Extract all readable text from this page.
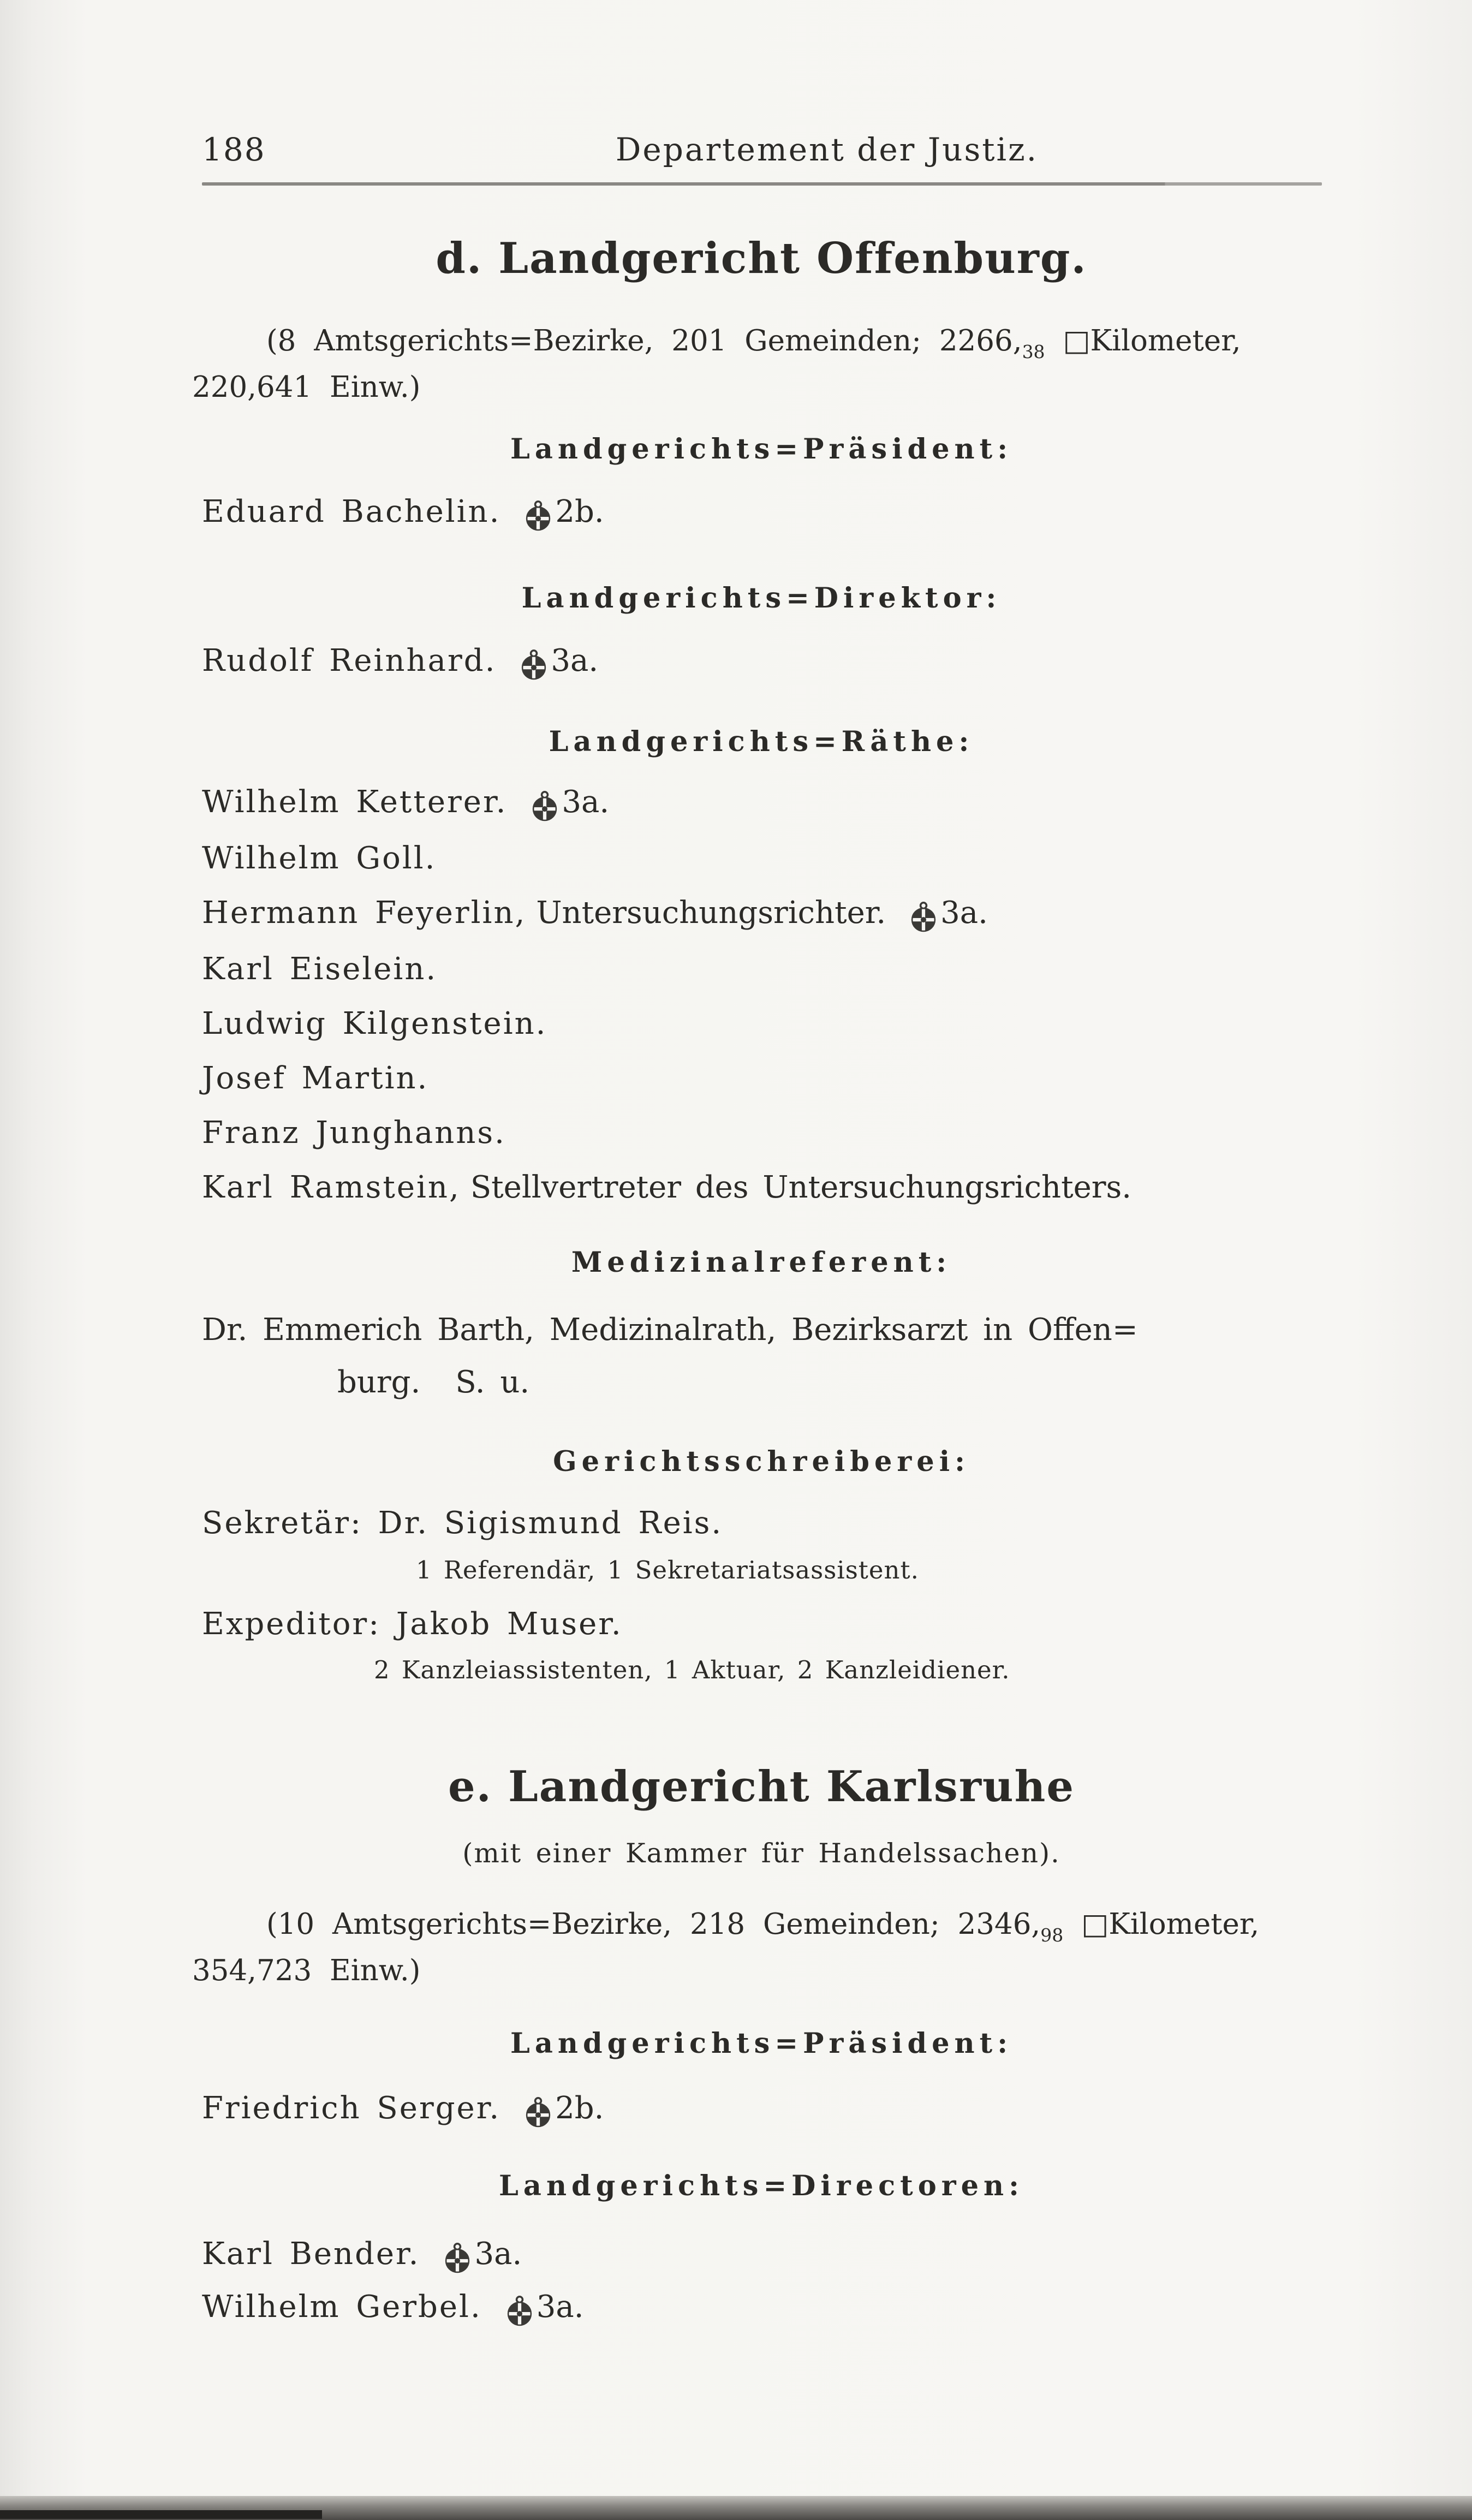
188	Departement der Justiz.
d. Landgericht Offenburg.
(8 Amtsgerichts=Bezirke, 201 Gemeinden; $2266,_{38}$ □Kilometer,
220,641 Einw.)
Landgerichts=Präsident:
Eduard Bachelin. 2b.
Landgerichts=Direktor:
Rudolf Reinhard. 3a.
Landgerichts=Räthe:
Wilhelm Ketterer. 3a.
Wilhelm Goll.
Hermann Feyerlin, Untersuchungsrichter. 3a.
Karl Eiselein.
Ludwig Kilgenstein.
Josef Martin.
Franz Junghanns.
Karl Ramstein, Stellvertreter des Untersuchungsrichters.
Medizinalreferent:
Dr. Emmerich Barth, Medizinalrath, Bezirksarzt in Offen=
burg. S. u.
Gerichtsschreiberei:
Sekretär: Dr. Sigismund Reis.
1 Referendär, 1 Sekretariatsassistent.
Expeditor: Jakob Muser.
2 Kanzleiassistenten, 1 Aktuar, 2 Kanzleidiener.
e. Landgericht Karlsruhe
(mit einer Kammer für Handelssachen).
(10 Amtsgerichts=Bezirke, 218 Gemeinden; $2346,_{98}$ □Kilometer,
354,723 Einw.)
Landgerichts=Präsident:
Friedrich Serger. 2b.
Landgerichts=Directoren:
Karl Bender. 3a.
Wilhelm Gerbel. 3a.
